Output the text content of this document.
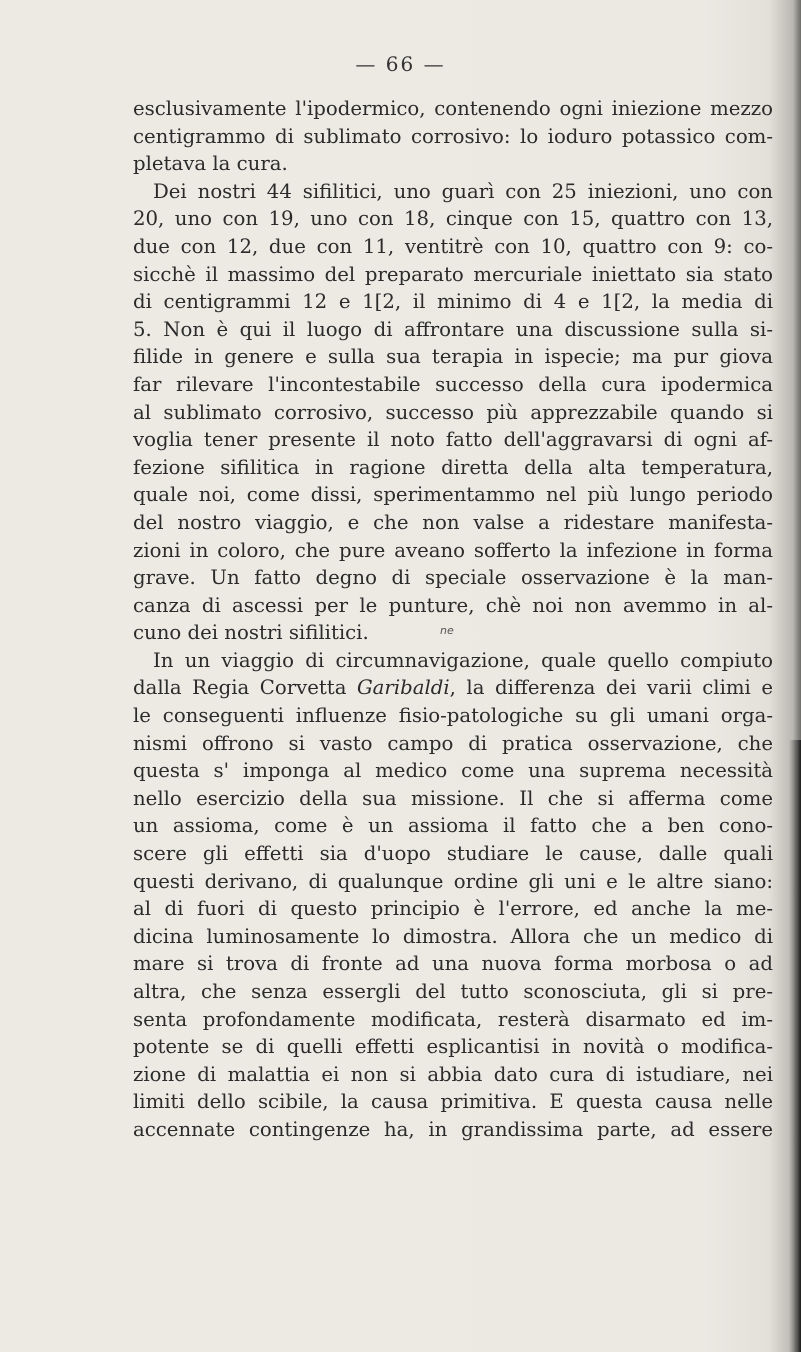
— 66 —
esclusivamente l'ipodermico, contenendo ogni iniezione mezzo
centigrammo di sublimato corrosivo: lo ioduro potassico com-
pletava la cura.
Dei nostri 44 sifilitici, uno guarì con 25 iniezioni, uno con
20, uno con 19, uno con 18, cinque con 15, quattro con 13,
due con 12, due con 11, ventitrè con 10, quattro con 9: co-
sicchè il massimo del preparato mercuriale iniettato sia stato
di centigrammi 12 e 1[2, il minimo di 4 e 1[2, la media di
5. Non è qui il luogo di affrontare una discussione sulla si-
filide in genere e sulla sua terapia in ispecie; ma pur giova
far rilevare l'incontestabile successo della cura ipodermica
al sublimato corrosivo, successo più apprezzabile quando si
voglia tener presente il noto fatto dell'aggravarsi di ogni af-
fezione sifilitica in ragione diretta della alta temperatura,
quale noi, come dissi, sperimentammo nel più lungo periodo
del nostro viaggio, e che non valse a ridestare manifesta-
zioni in coloro, che pure aveano sofferto la infezione in forma
grave. Un fatto degno di speciale osservazione è la man-
canza di ascessi per le punture, chè noi non avemmo in al-
cuno dei nostri sifilitici.
In un viaggio di circumnavigazione, quale quello compiuto
dalla Regia Corvetta Garibaldi, la differenza dei varii climi e
le conseguenti influenze fisio-patologiche su gli umani orga-
nismi offrono si vasto campo di pratica osservazione, che
questa s' imponga al medico come una suprema necessità
nello esercizio della sua missione. Il che si afferma come
un assioma, come è un assioma il fatto che a ben cono-
scere gli effetti sia d'uopo studiare le cause, dalle quali
questi derivano, di qualunque ordine gli uni e le altre siano:
al di fuori di questo principio è l'errore, ed anche la me-
dicina luminosamente lo dimostra. Allora che un medico di
mare si trova di fronte ad una nuova forma morbosa o ad
altra, che senza essergli del tutto sconosciuta, gli si pre-
senta profondamente modificata, resterà disarmato ed im-
potente se di quelli effetti esplicantisi in novità o modifica-
zione di malattia ei non si abbia dato cura di istudiare, nei
limiti dello scibile, la causa primitiva. E questa causa nelle
accennate contingenze ha, in grandissima parte, ad essere
ne
